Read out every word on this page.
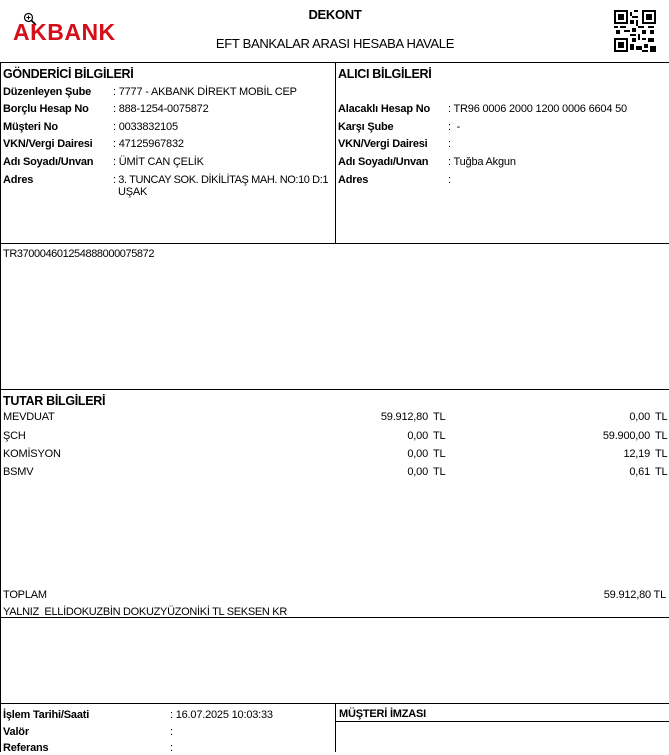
AKBANK
DEKONT
EFT BANKALAR ARASI HESABA HAVALE
GÖNDERİCİ BİLGİLERİ
Düzenleyen Şube : 7777 - AKBANK DİREKT MOBİL CEP
Borçlu Hesap No : 888-1254-0075872
Müşteri No	: 0033832105
VKN/Vergi Dairesi : 47125967832
Adı Soyadı/Unvan : ÜMİT CAN ÇELİK
Adres	: 3. TUNCAY SOK. DİKİLİTAŞ MAH. NO:10 D:1
UŞAK
ALICI BİLGİLERİ
Alacaklı Hesap No : TR96 0006 2000 1200 0006 6604 50
Karşı Şube	:  -
VKN/Vergi Dairesi :
Adı Soyadı/Unvan : Tuğba Akgun
Adres	:
TR370004601254888000075872
TUTAR BİLGİLERİ
MEVDUAT	59.912,80 TL	0,00 TL
ŞCH	0,00 TL	59.900,00 TL
KOMİSYON	0,00 TL	12,19 TL
BSMV	0,00 TL	0,61 TL
TOPLAM	59.912,80 TL
YALNIZ  ELLİDOKUZBİN DOKUZYÜZONİKİ TL SEKSEN KR
İşlem Tarihi/Saati	: 16.07.2025 10:03:33
Valör	:
Referans	:
MÜŞTERİ İMZASI
